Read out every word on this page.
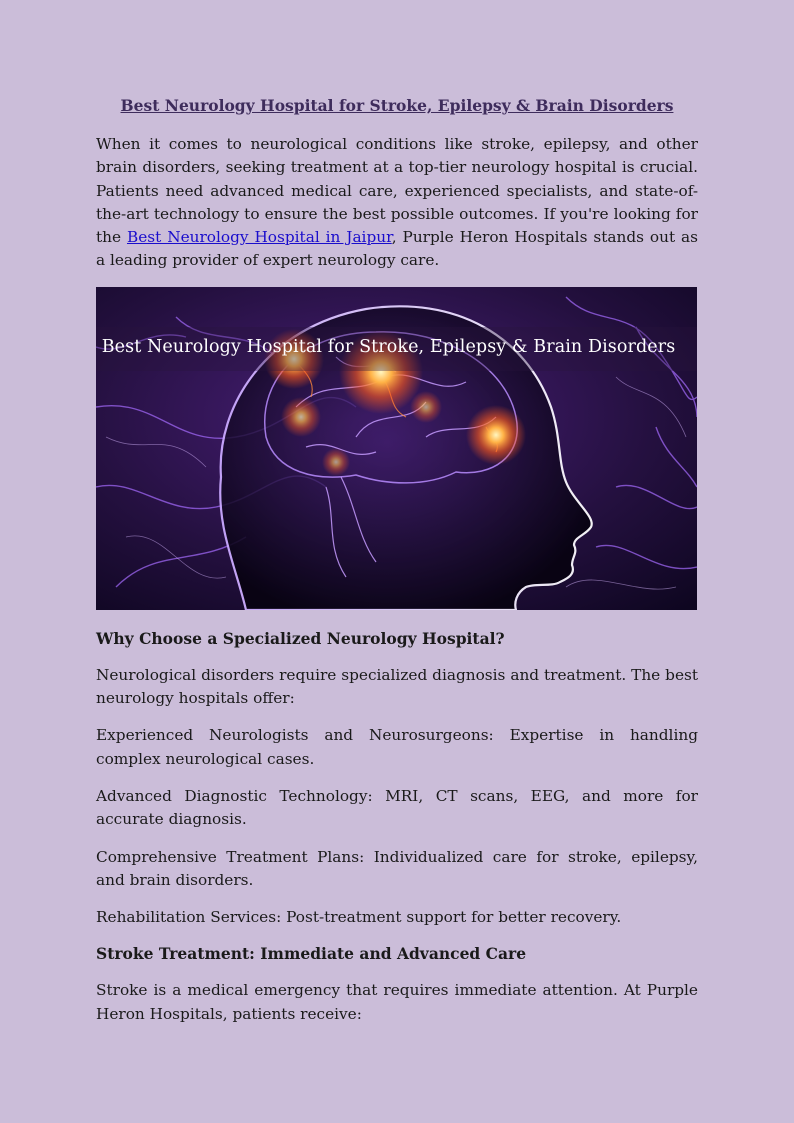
Best Neurology Hospital for Stroke, Epilepsy & Brain Disorders

When it comes to neurological conditions like stroke, epilepsy, and other brain disorders, seeking treatment at a top-tier neurology hospital is crucial. Patients need advanced medical care, experienced specialists, and state-of-the-art technology to ensure the best possible outcomes. If you're looking for the Best Neurology Hospital in Jaipur, Purple Heron Hospitals stands out as a leading provider of expert neurology care.

Best Neurology Hospital for Stroke, Epilepsy & Brain Disorders
Why Choose a Specialized Neurology Hospital?

Neurological disorders require specialized diagnosis and treatment. The best neurology hospitals offer:

Experienced Neurologists and Neurosurgeons: Expertise in handling complex neurological cases.

Advanced Diagnostic Technology: MRI, CT scans, EEG, and more for accurate diagnosis.

Comprehensive Treatment Plans: Individualized care for stroke, epilepsy, and brain disorders.

Rehabilitation Services: Post-treatment support for better recovery.

Stroke Treatment: Immediate and Advanced Care

Stroke is a medical emergency that requires immediate attention. At Purple Heron Hospitals, patients receive:
